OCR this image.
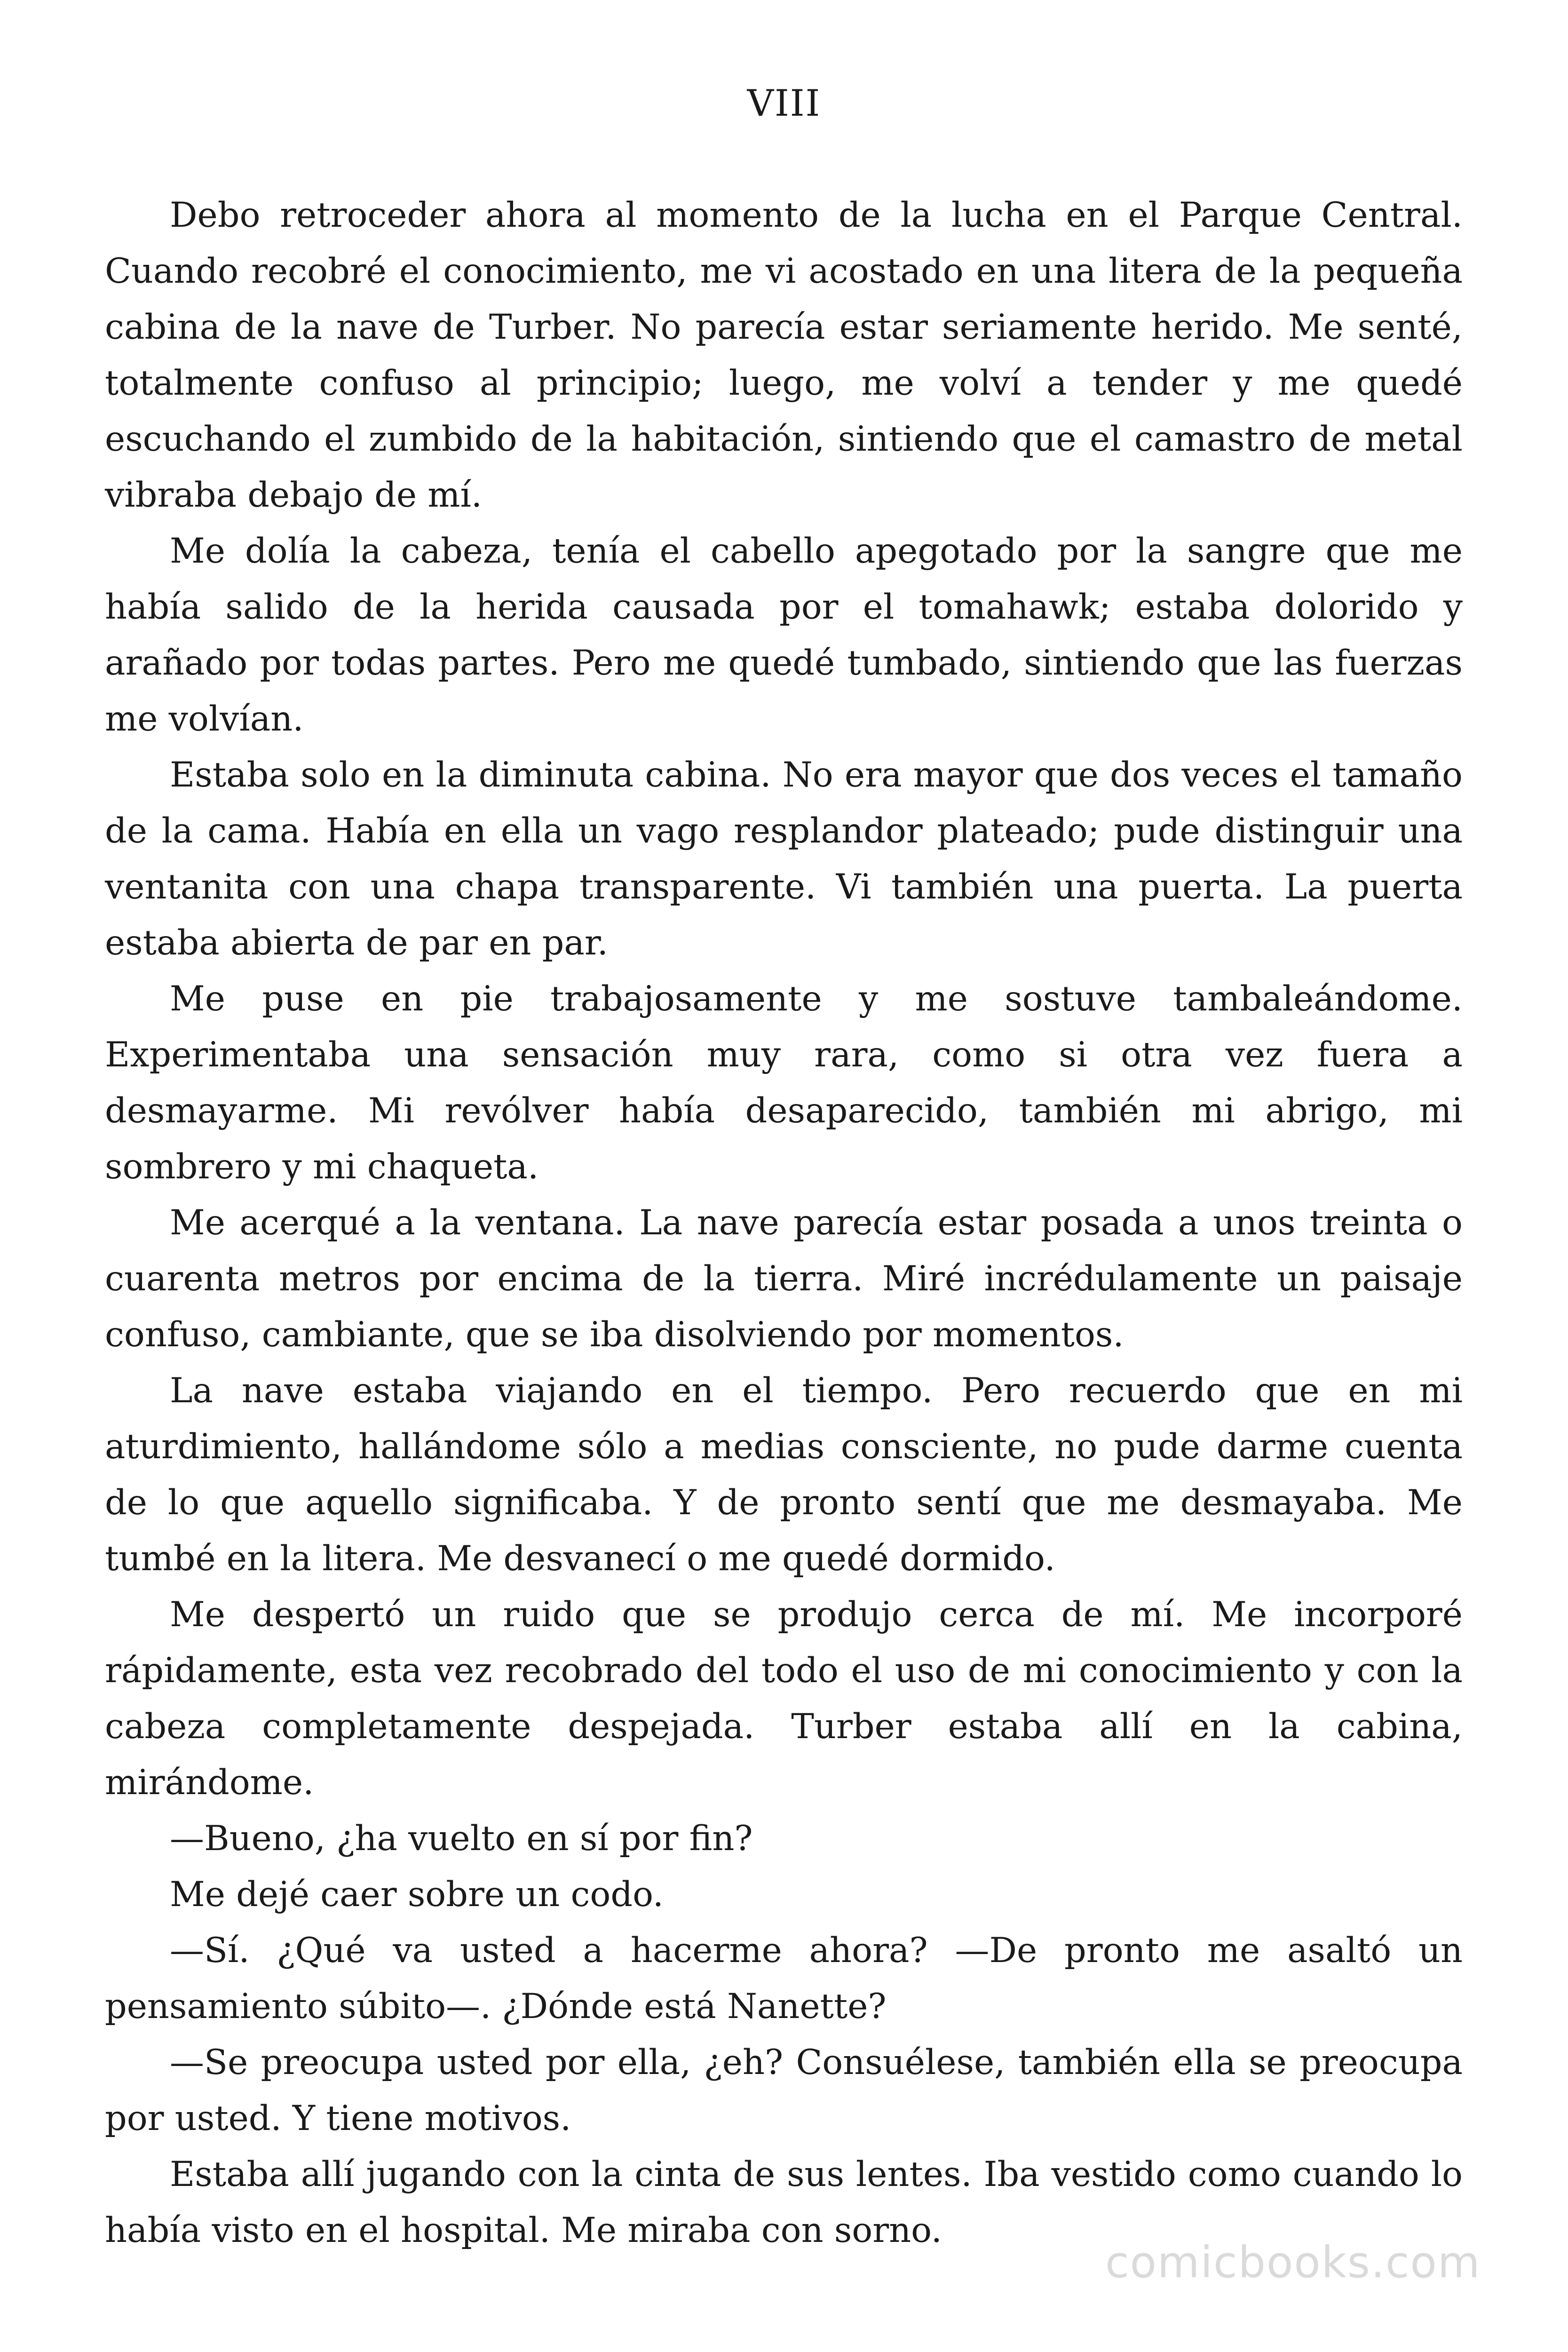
VIII

Debo retroceder ahora al momento de la lucha en el Parque Central. Cuando recobré el conocimiento, me vi acostado en una litera de la pequeña cabina de la nave de Turber. No parecía estar seriamente herido. Me senté, totalmente confuso al principio; luego, me volví a tender y me quedé escuchando el zumbido de la habitación, sintiendo que el camastro de metal vibraba debajo de mí.

Me dolía la cabeza, tenía el cabello apegotado por la sangre que me había salido de la herida causada por el tomahawk; estaba dolorido y arañado por todas partes. Pero me quedé tumbado, sintiendo que las fuerzas me volvían.

Estaba solo en la diminuta cabina. No era mayor que dos veces el tamaño de la cama. Había en ella un vago resplandor plateado; pude distinguir una ventanita con una chapa transparente. Vi también una puerta. La puerta estaba abierta de par en par.

Me puse en pie trabajosamente y me sostuve tambaleándome. Experimentaba una sensación muy rara, como si otra vez fuera a desmayarme. Mi revólver había desaparecido, también mi abrigo, mi sombrero y mi chaqueta.

Me acerqué a la ventana. La nave parecía estar posada a unos treinta o cuarenta metros por encima de la tierra. Miré incrédulamente un paisaje confuso, cambiante, que se iba disolviendo por momentos.

La nave estaba viajando en el tiempo. Pero recuerdo que en mi aturdimiento, hallándome sólo a medias consciente, no pude darme cuenta de lo que aquello significaba. Y de pronto sentí que me desmayaba. Me tumbé en la litera. Me desvanecí o me quedé dormido.

Me despertó un ruido que se produjo cerca de mí. Me incorporé rápidamente, esta vez recobrado del todo el uso de mi conocimiento y con la cabeza completamente despejada. Turber estaba allí en la cabina, mirándome.

—Bueno, ¿ha vuelto en sí por fin?

Me dejé caer sobre un codo.

—Sí. ¿Qué va usted a hacerme ahora? —De pronto me asaltó un pensamiento súbito—. ¿Dónde está Nanette?

—Se preocupa usted por ella, ¿eh? Consuélese, también ella se preocupa por usted. Y tiene motivos.

Estaba allí jugando con la cinta de sus lentes. Iba vestido como cuando lo había visto en el hospital. Me miraba con sorno.

comicbooks.com
